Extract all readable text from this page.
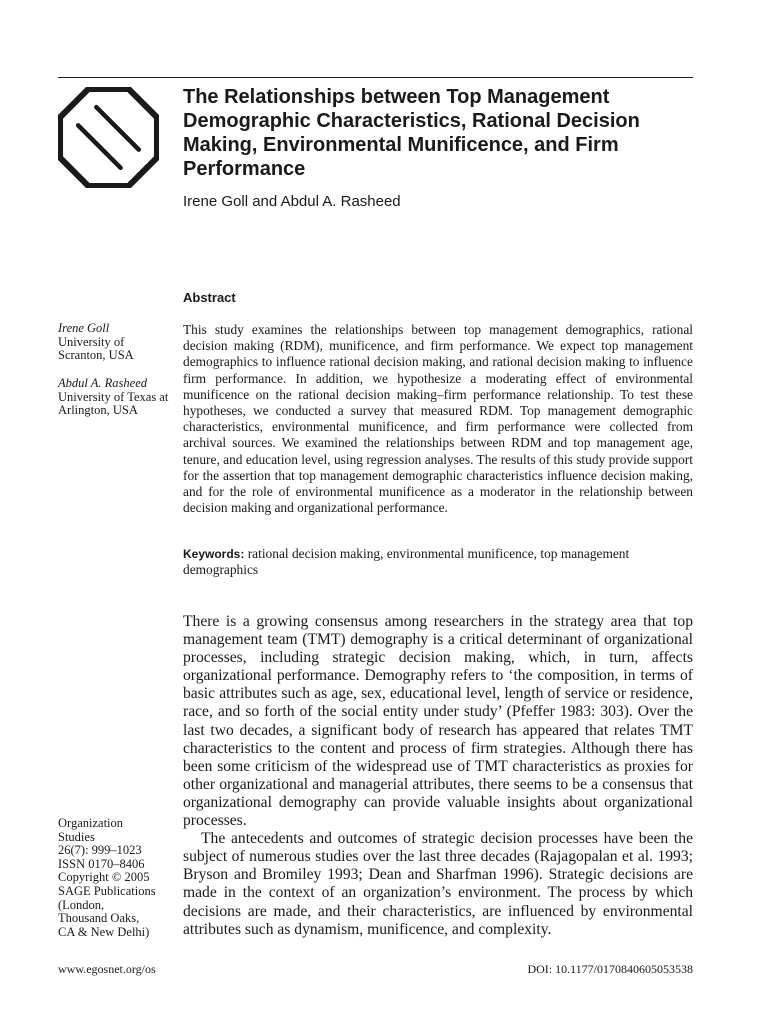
The Relationships between Top Management Demographic Characteristics, Rational Decision Making, Environmental Munificence, and Firm Performance
Irene Goll and Abdul A. Rasheed
Abstract
Irene Goll
University of Scranton, USA
Abdul A. Rasheed
University of Texas at Arlington, USA

This study examines the relationships between top management demographics, rational decision making (RDM), munificence, and firm performance. We expect top management demographics to influence rational decision making, and rational decision making to influence firm performance. In addition, we hypothesize a moderating effect of environmental munificence on the rational decision making–firm performance relationship. To test these hypotheses, we conducted a survey that measured RDM. Top management demographic characteristics, environmental munificence, and firm performance were collected from archival sources. We examined the relationships between RDM and top management age, tenure, and education level, using regression analyses. The results of this study provide support for the assertion that top management demographic characteristics influence decision making, and for the role of environmental munificence as a moderator in the relationship between decision making and organizational performance.

Keywords: rational decision making, environmental munificence, top management demographics

There is a growing consensus among researchers in the strategy area that top management team (TMT) demography is a critical determinant of organizational processes, including strategic decision making, which, in turn, affects organizational performance. Demography refers to ‘the composition, in terms of basic attributes such as age, sex, educational level, length of service or residence, race, and so forth of the social entity under study’ (Pfeffer 1983: 303). Over the last two decades, a significant body of research has appeared that relates TMT characteristics to the content and process of firm strategies. Although there has been some criticism of the widespread use of TMT characteristics as proxies for other organizational and managerial attributes, there seems to be a consensus that organizational demography can provide valuable insights about organizational processes.

The antecedents and outcomes of strategic decision processes have been the subject of numerous studies over the last three decades (Rajagopalan et al. 1993; Bryson and Bromiley 1993; Dean and Sharfman 1996). Strategic decisions are made in the context of an organization’s environment. The process by which decisions are made, and their characteristics, are influenced by environmental attributes such as dynamism, munificence, and complexity.

Organization
Studies
26(7): 999–1023
ISSN 0170–8406
Copyright © 2005
SAGE Publications
(London,
Thousand Oaks,
CA & New Delhi)
www.egosnet.org/os	DOI: 10.1177/0170840605053538
